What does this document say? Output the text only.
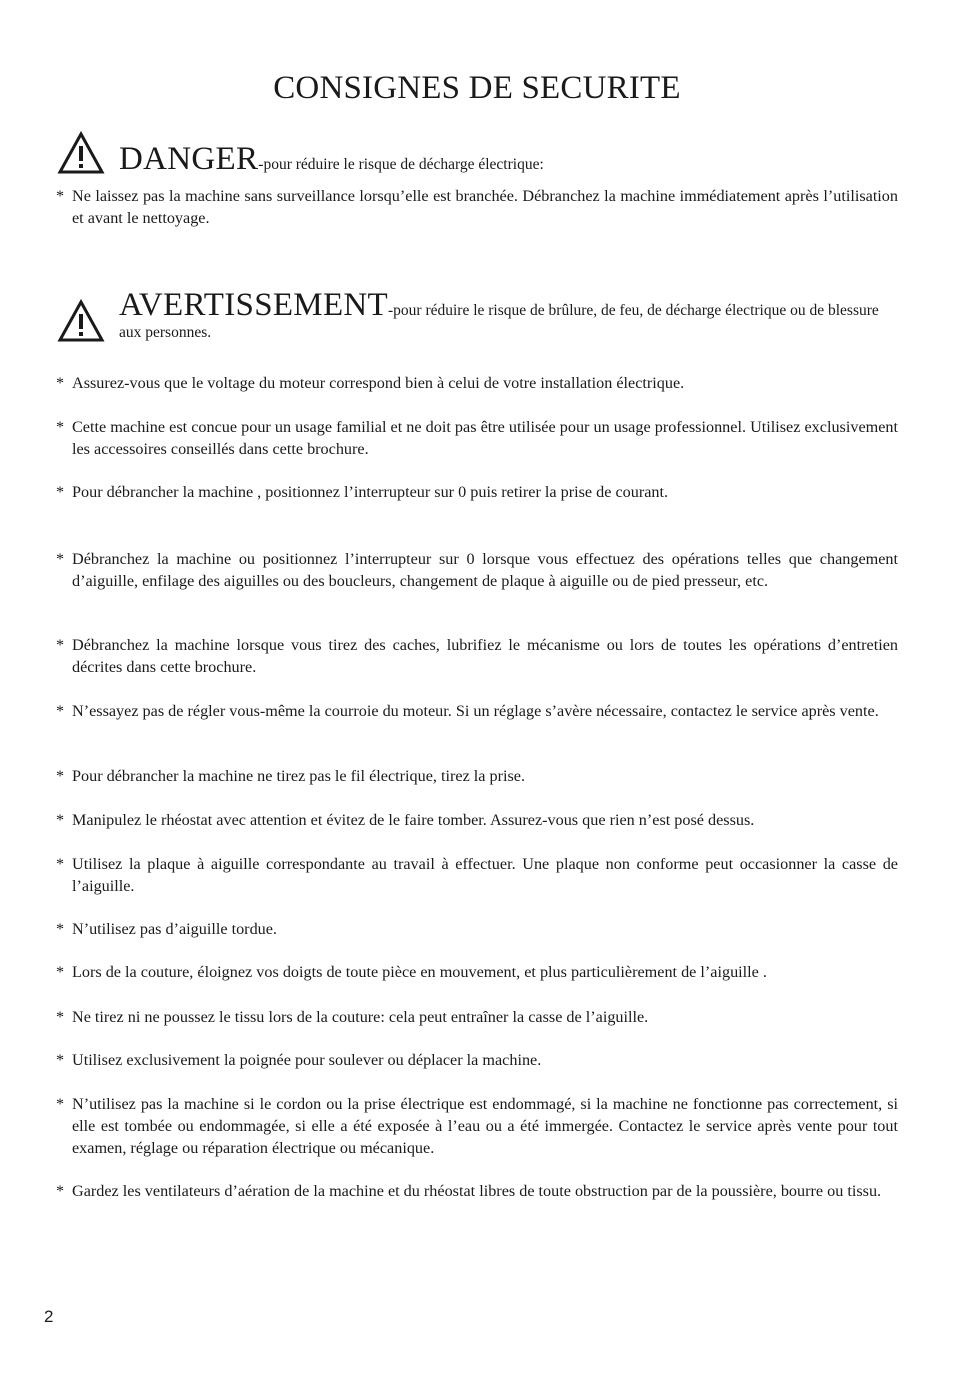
CONSIGNES DE SECURITE
DANGER-pour réduire le risque de décharge électrique:
* Ne laissez pas la machine sans surveillance lorsqu’elle est branchée. Débranchez la machine immédiatement après l’utilisation et avant le nettoyage.
AVERTISSEMENT-pour réduire le risque de brûlure, de feu, de décharge électrique ou de blessure aux personnes.
* Assurez-vous que le voltage du moteur correspond bien à celui de votre installation électrique.
* Cette machine est concue pour un usage familial et ne doit pas être utilisée pour un usage professionnel. Utilisez exclusivement les accessoires conseillés dans cette brochure.
* Pour débrancher la machine , positionnez l’interrupteur sur 0 puis retirer la prise de courant.
* Débranchez la machine ou positionnez l’interrupteur sur 0 lorsque vous effectuez des opérations telles que changement d’aiguille, enfilage des aiguilles ou des boucleurs, changement de plaque à aiguille ou de pied presseur, etc.
* Débranchez la machine lorsque vous tirez des caches, lubrifiez le mécanisme ou lors de toutes les opérations d’entretien décrites dans cette brochure.
* N’essayez pas de régler vous-même la courroie du moteur. Si un réglage s’avère nécessaire, contactez le service après vente.
* Pour débrancher la machine ne tirez pas le fil électrique, tirez la prise.
* Manipulez le rhéostat avec attention et évitez de le faire tomber. Assurez-vous que rien n’est posé dessus.
* Utilisez la plaque à aiguille correspondante au travail à effectuer. Une plaque non conforme peut occasionner la casse de l’aiguille.
* N’utilisez pas d’aiguille tordue.
* Lors de la couture, éloignez vos doigts de toute pièce en mouvement, et plus particulièrement de l’aiguille .
* Ne tirez ni ne poussez le tissu lors de la couture: cela peut entraîner la casse de l’aiguille.
* Utilisez exclusivement la poignée pour soulever ou déplacer la machine.
* N’utilisez pas la machine si le cordon ou la prise électrique est endommagé, si la machine ne fonctionne pas correctement, si elle est tombée ou endommagée, si elle a été exposée à l’eau ou a été immergée. Contactez le service après vente pour tout examen, réglage ou réparation électrique ou mécanique.
* Gardez les ventilateurs d’aération de la machine et du rhéostat libres de toute obstruction par de la poussière, bourre ou tissu.
2
